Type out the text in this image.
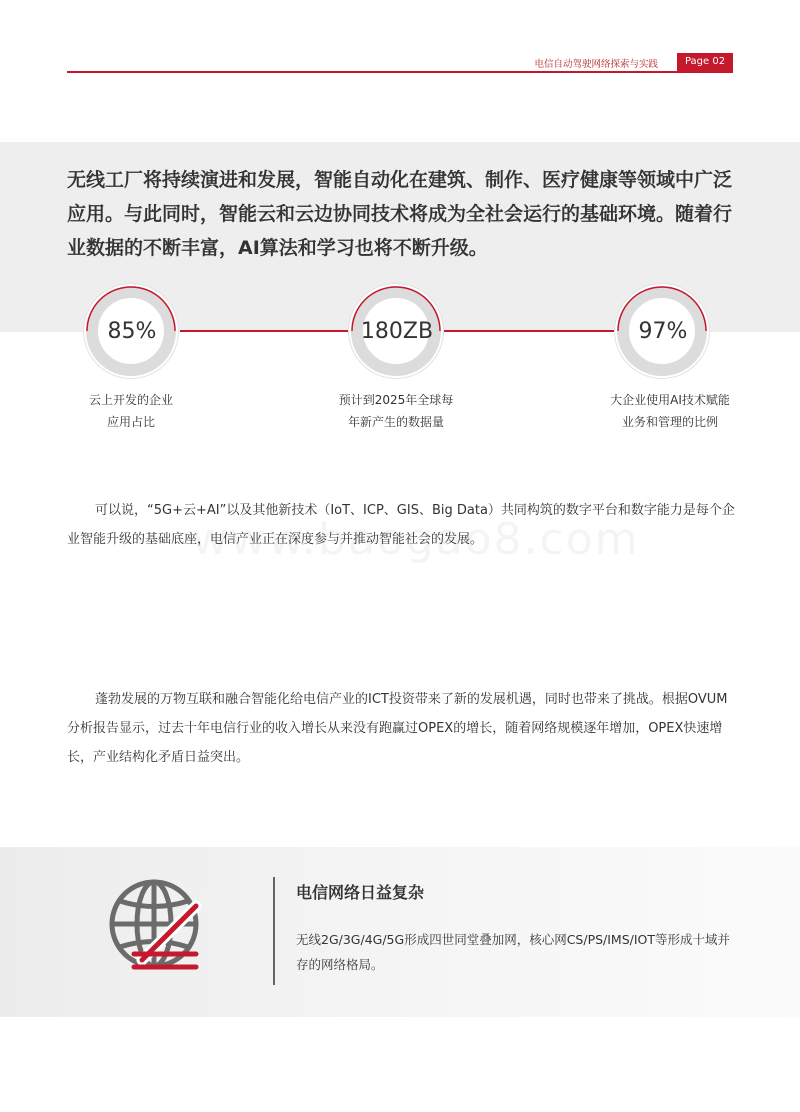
电信自动驾驶网络探索与实践	Page 02

无线工厂将持续演进和发展，智能自动化在建筑、制作、医疗健康等领域中广泛应用。与此同时，智能云和云边协同技术将成为全社会运行的基础环境。随着行业数据的不断丰富，AI算法和学习也将不断升级。

85%
云上开发的企业
应用占比
180ZB
预计到2025年全球每
年新产生的数据量
97%
大企业使用AI技术赋能
业务和管理的比例

可以说，“5G+云+AI”以及其他新技术（IoT、ICP、GIS、Big Data）共同构筑的数字平台和数字能力是每个企业智能升级的基础底座，电信产业正在深度参与并推动智能社会的发展。

蓬勃发展的万物互联和融合智能化给电信产业的ICT投资带来了新的发展机遇，同时也带来了挑战。根据OVUM分析报告显示，过去十年电信行业的收入增长从来没有跑赢过OPEX的增长，随着网络规模逐年增加，OPEX快速增长，产业结构化矛盾日益突出。

电信网络日益复杂

无线2G/3G/4G/5G形成四世同堂叠加网，核心网CS/PS/IMS/IOT等形成十域并存的网络格局。
